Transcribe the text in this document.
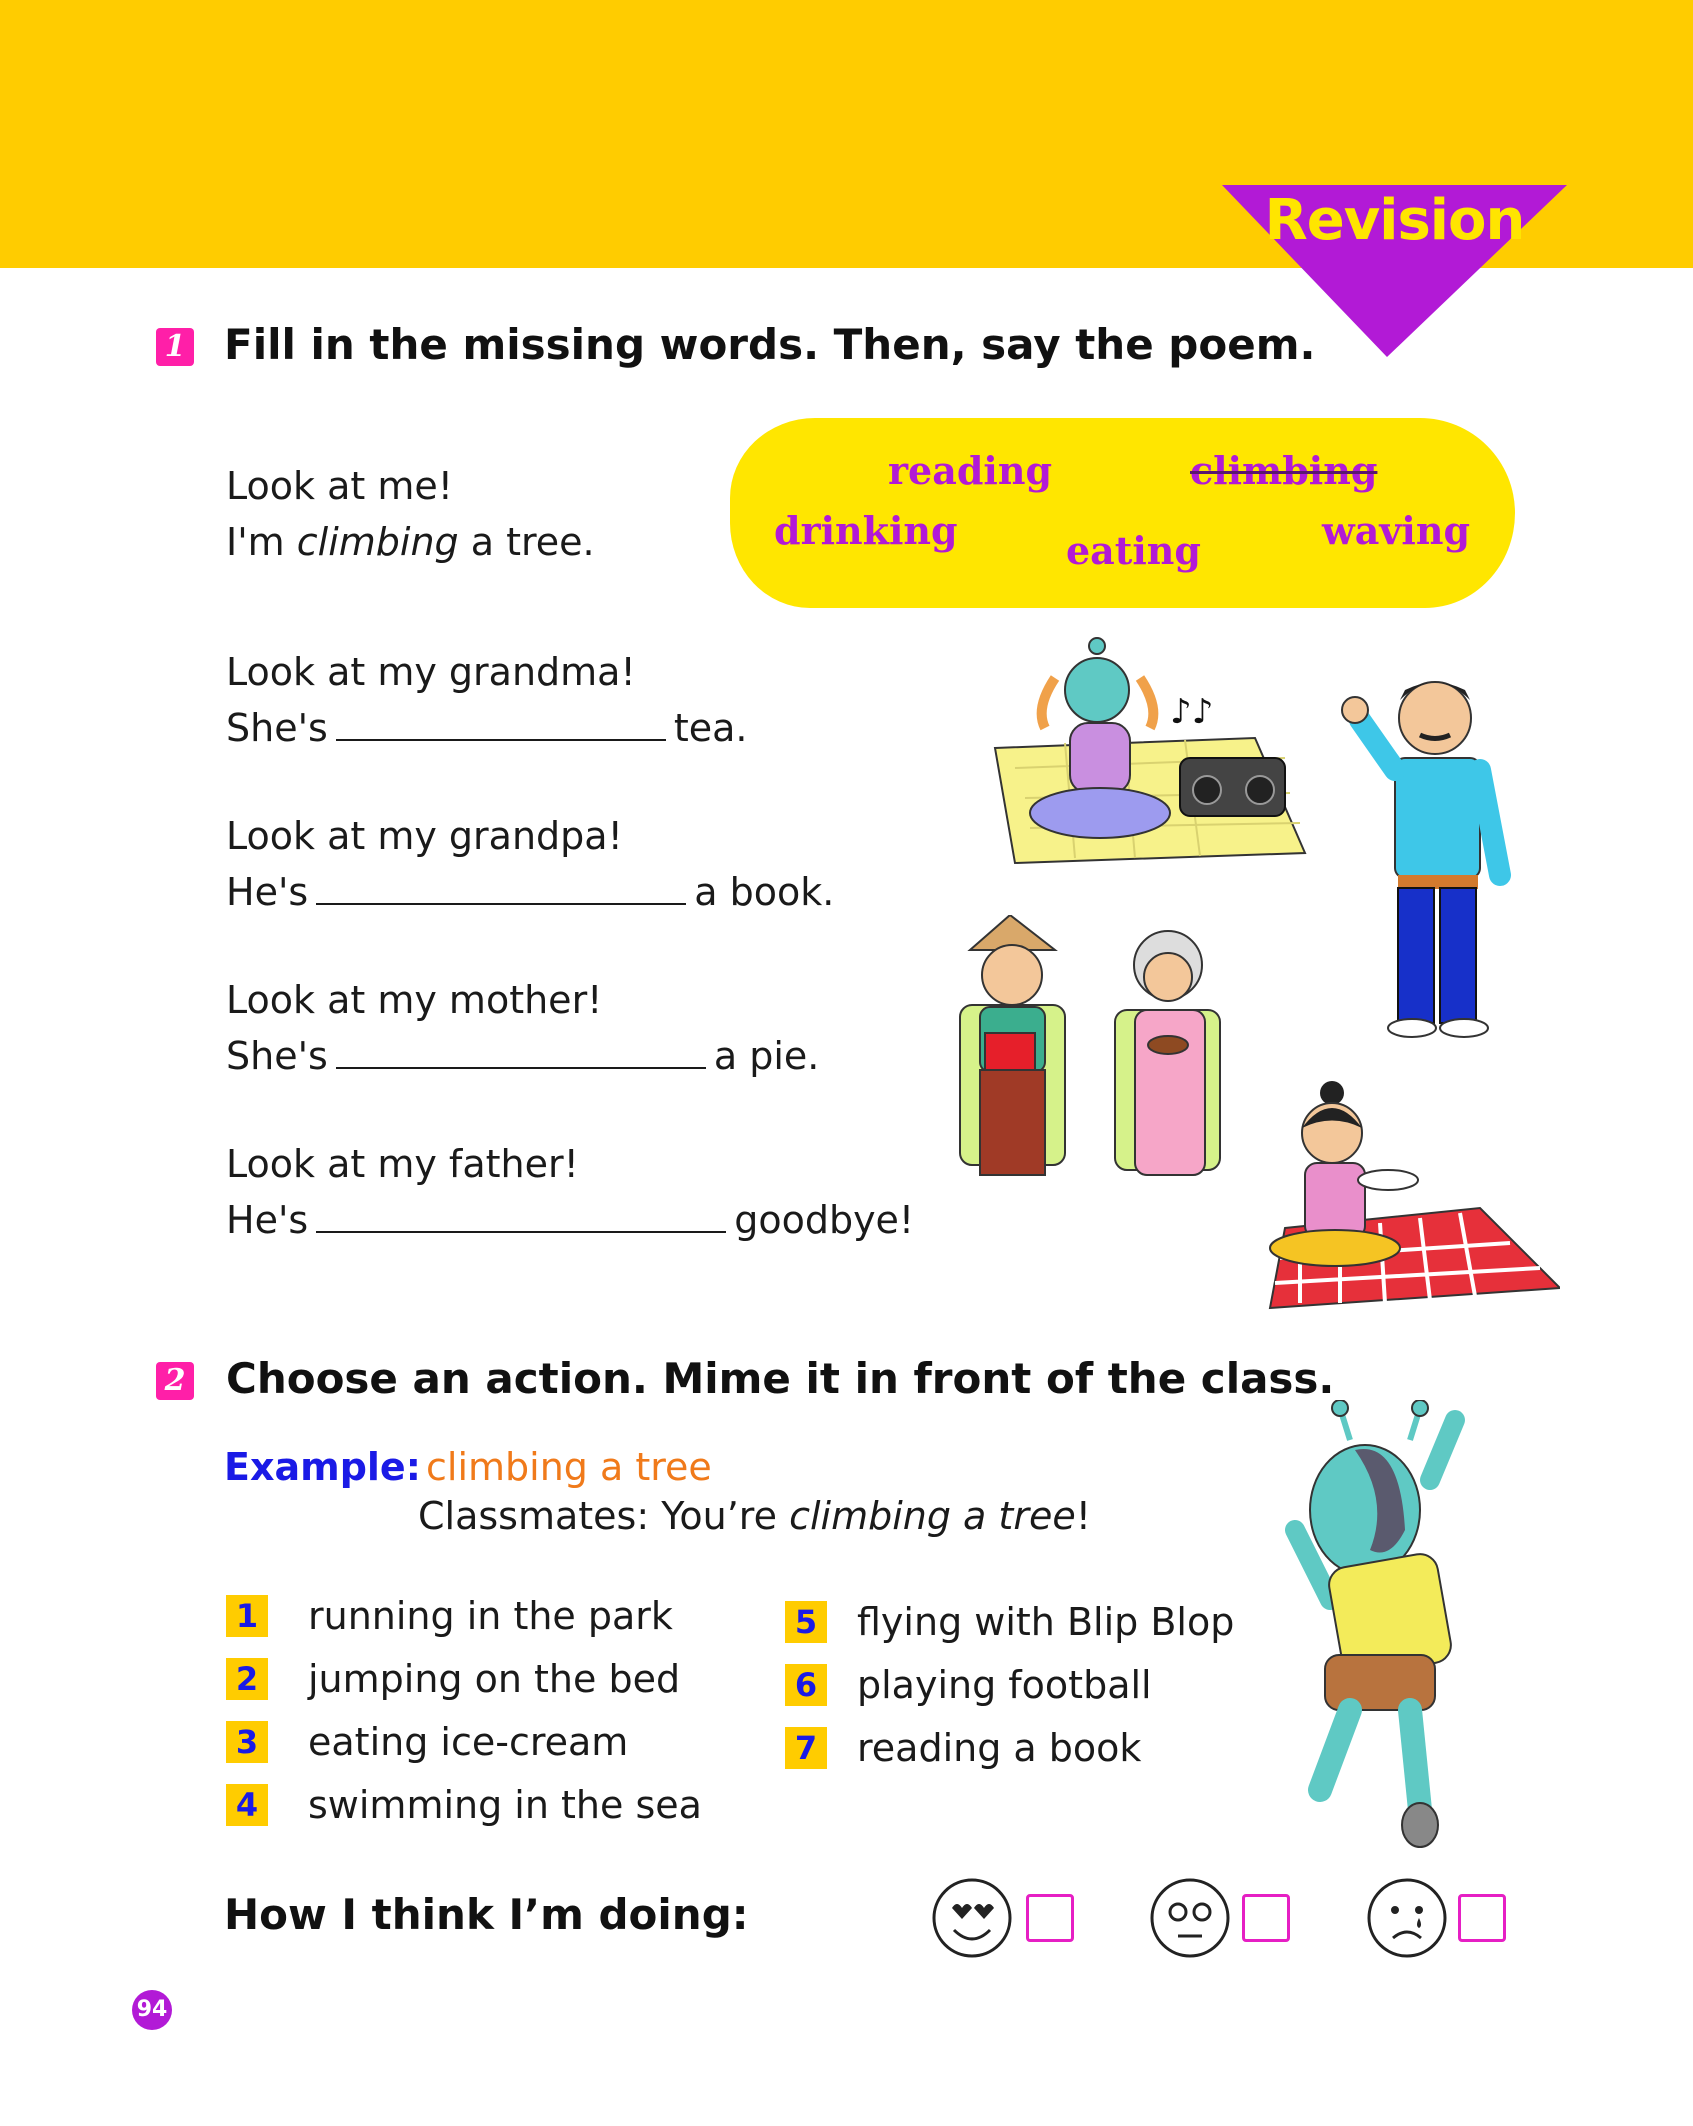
Revision
1 Fill in the missing words. Then, say the poem.
reading	climbing
drinking	eating	waving
Look at me!
I'm climbing a tree.
Look at my grandma!
She's	tea.
Look at my grandpa!
He's	a book.
Look at my mother!
She's	a pie.
Look at my father!
He's	goodbye!
♪♪
2 Choose an action. Mime it in front of the class.
Example: climbing a tree
Classmates: You’re climbing a tree!
1 running in the park
2 jumping on the bed
3 eating ice-cream
4 swimming in the sea
5 flying with Blip Blop
6 playing football
7 reading a book
How I think I’m doing:
94
